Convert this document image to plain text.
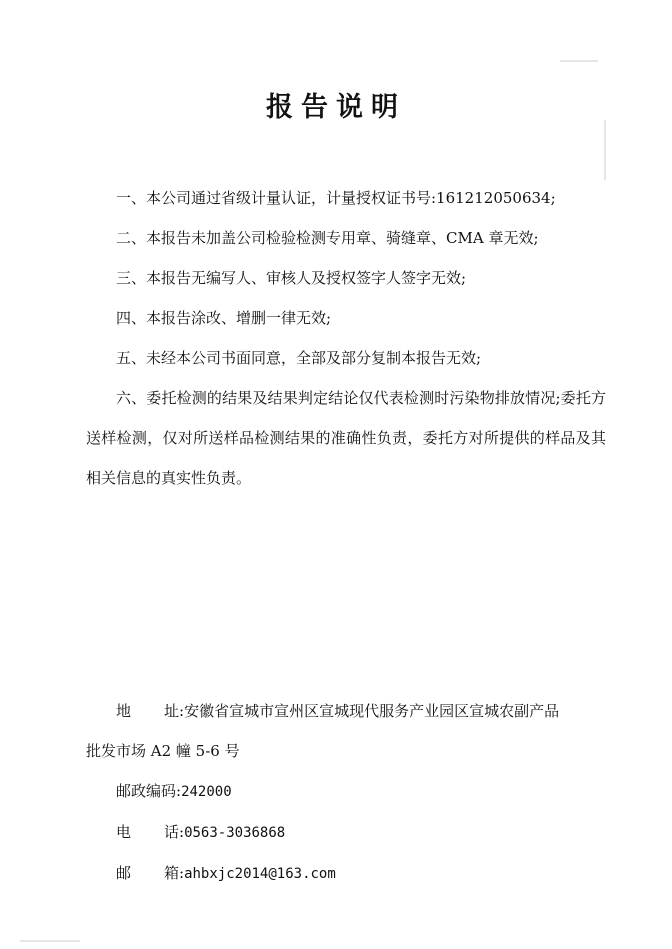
报告说明

一、本公司通过省级计量认证，计量授权证书号:161212050634;

二、本报告未加盖公司检验检测专用章、骑缝章、CMA 章无效;

三、本报告无编写人、审核人及授权签字人签字无效;

四、本报告涂改、增删一律无效;

五、未经本公司书面同意，全部及部分复制本报告无效;

六、委托检测的结果及结果判定结论仅代表检测时污染物排放情况;委托方送样检测，仅对所送样品检测结果的准确性负责，委托方对所提供的样品及其相关信息的真实性负责。

地 址:安徽省宣城市宣州区宣城现代服务产业园区宣城农副产品

批发市场 A2 幢 5-6 号

邮政编码:242000

电 话:0563-3036868

邮 箱:ahbxjc2014@163.com
